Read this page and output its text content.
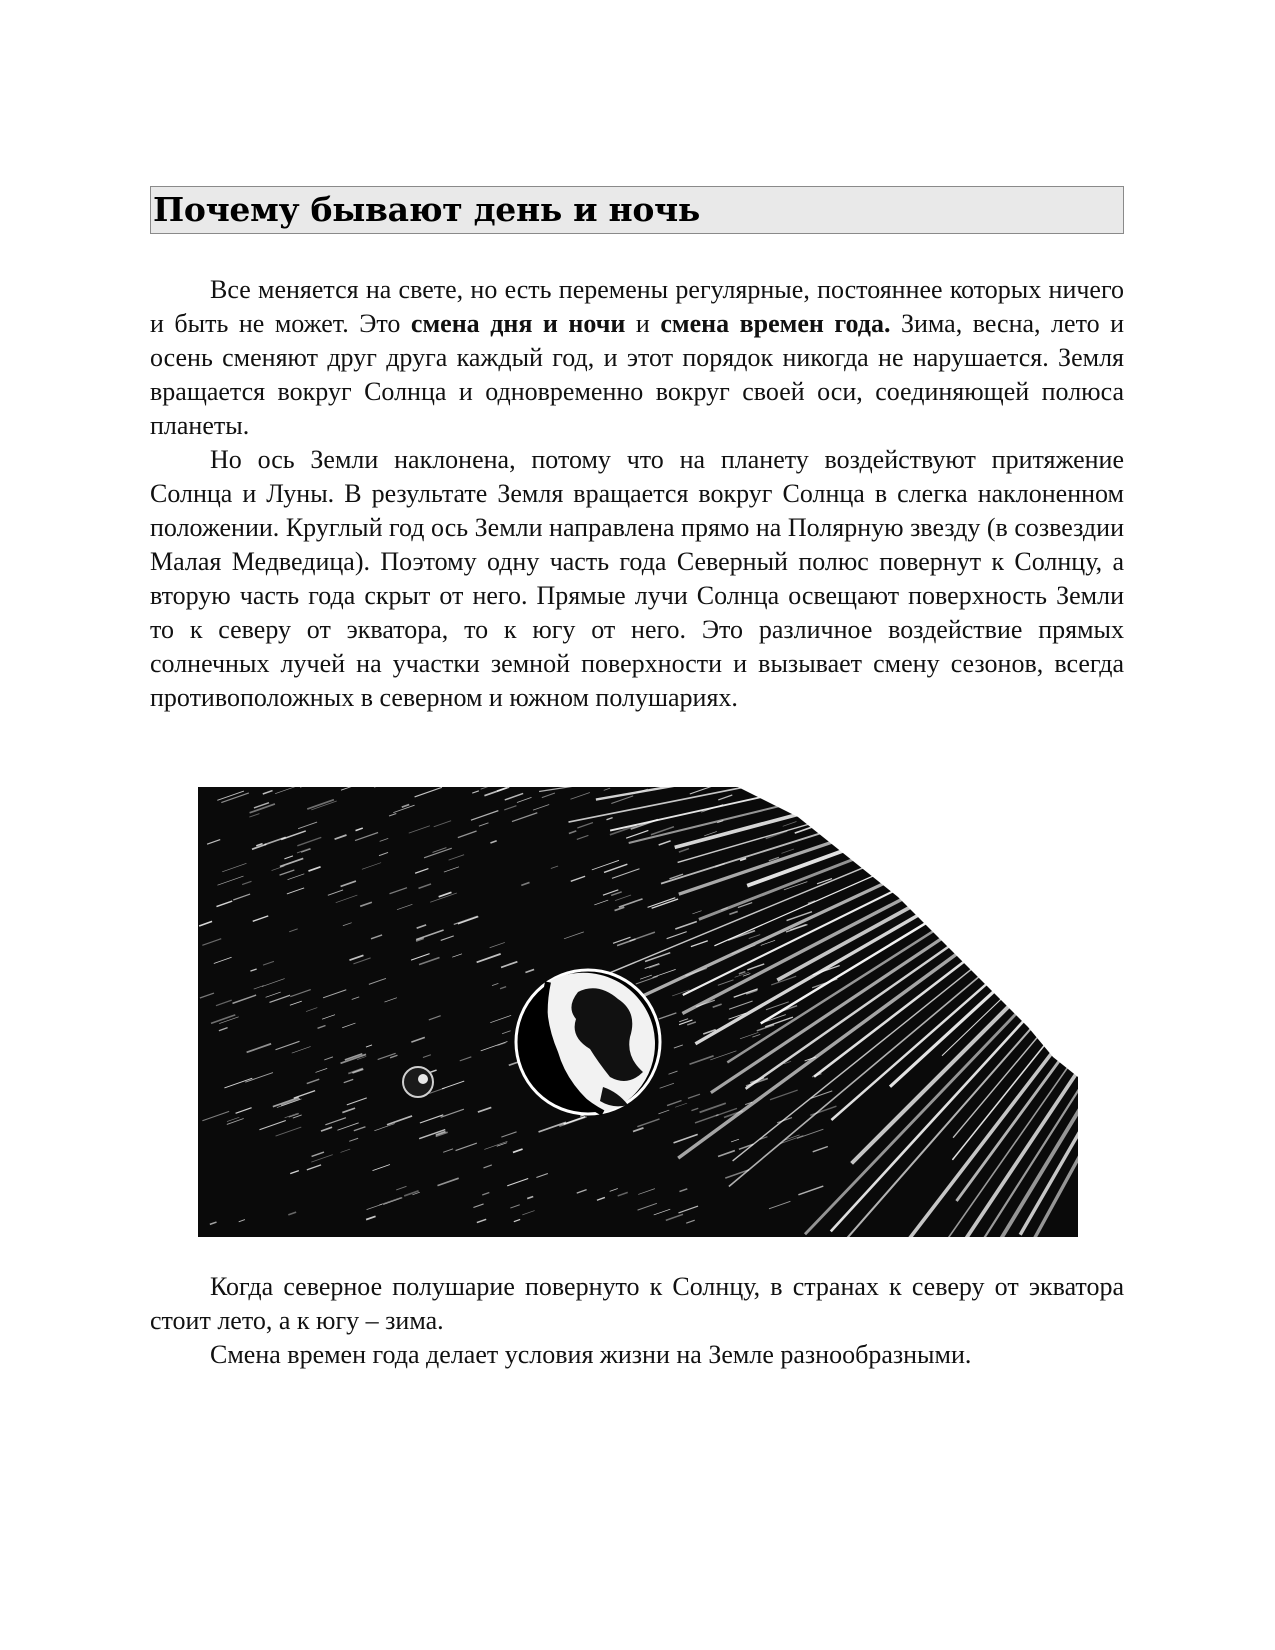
Почему бывают день и ночь

Все меняется на свете, но есть перемены регулярные, постояннее которых ничего и быть не может. Это смена дня и ночи и смена времен года. Зима, весна, лето и осень сменяют друг друга каждый год, и этот порядок никогда не нарушается. Земля вращается вокруг Солнца и одновременно вокруг своей оси, соединяющей полюса планеты.

Но ось Земли наклонена, потому что на планету воздействуют притяжение Солнца и Луны. В результате Земля вращается вокруг Солнца в слегка наклоненном положении. Круглый год ось Земли направлена прямо на Полярную звезду (в созвездии Малая Медведица). Поэтому одну часть года Северный полюс повернут к Солнцу, а вторую часть года скрыт от него. Прямые лучи Солнца освещают поверхность Земли то к северу от экватора, то к югу от него. Это различное воздействие прямых солнечных лучей на участки земной поверхности и вызывает смену сезонов, всегда противоположных в северном и южном полушариях.

Когда северное полушарие повернуто к Солнцу, в странах к северу от экватора стоит лето, а к югу – зима.

Смена времен года делает условия жизни на Земле разнообразными.
